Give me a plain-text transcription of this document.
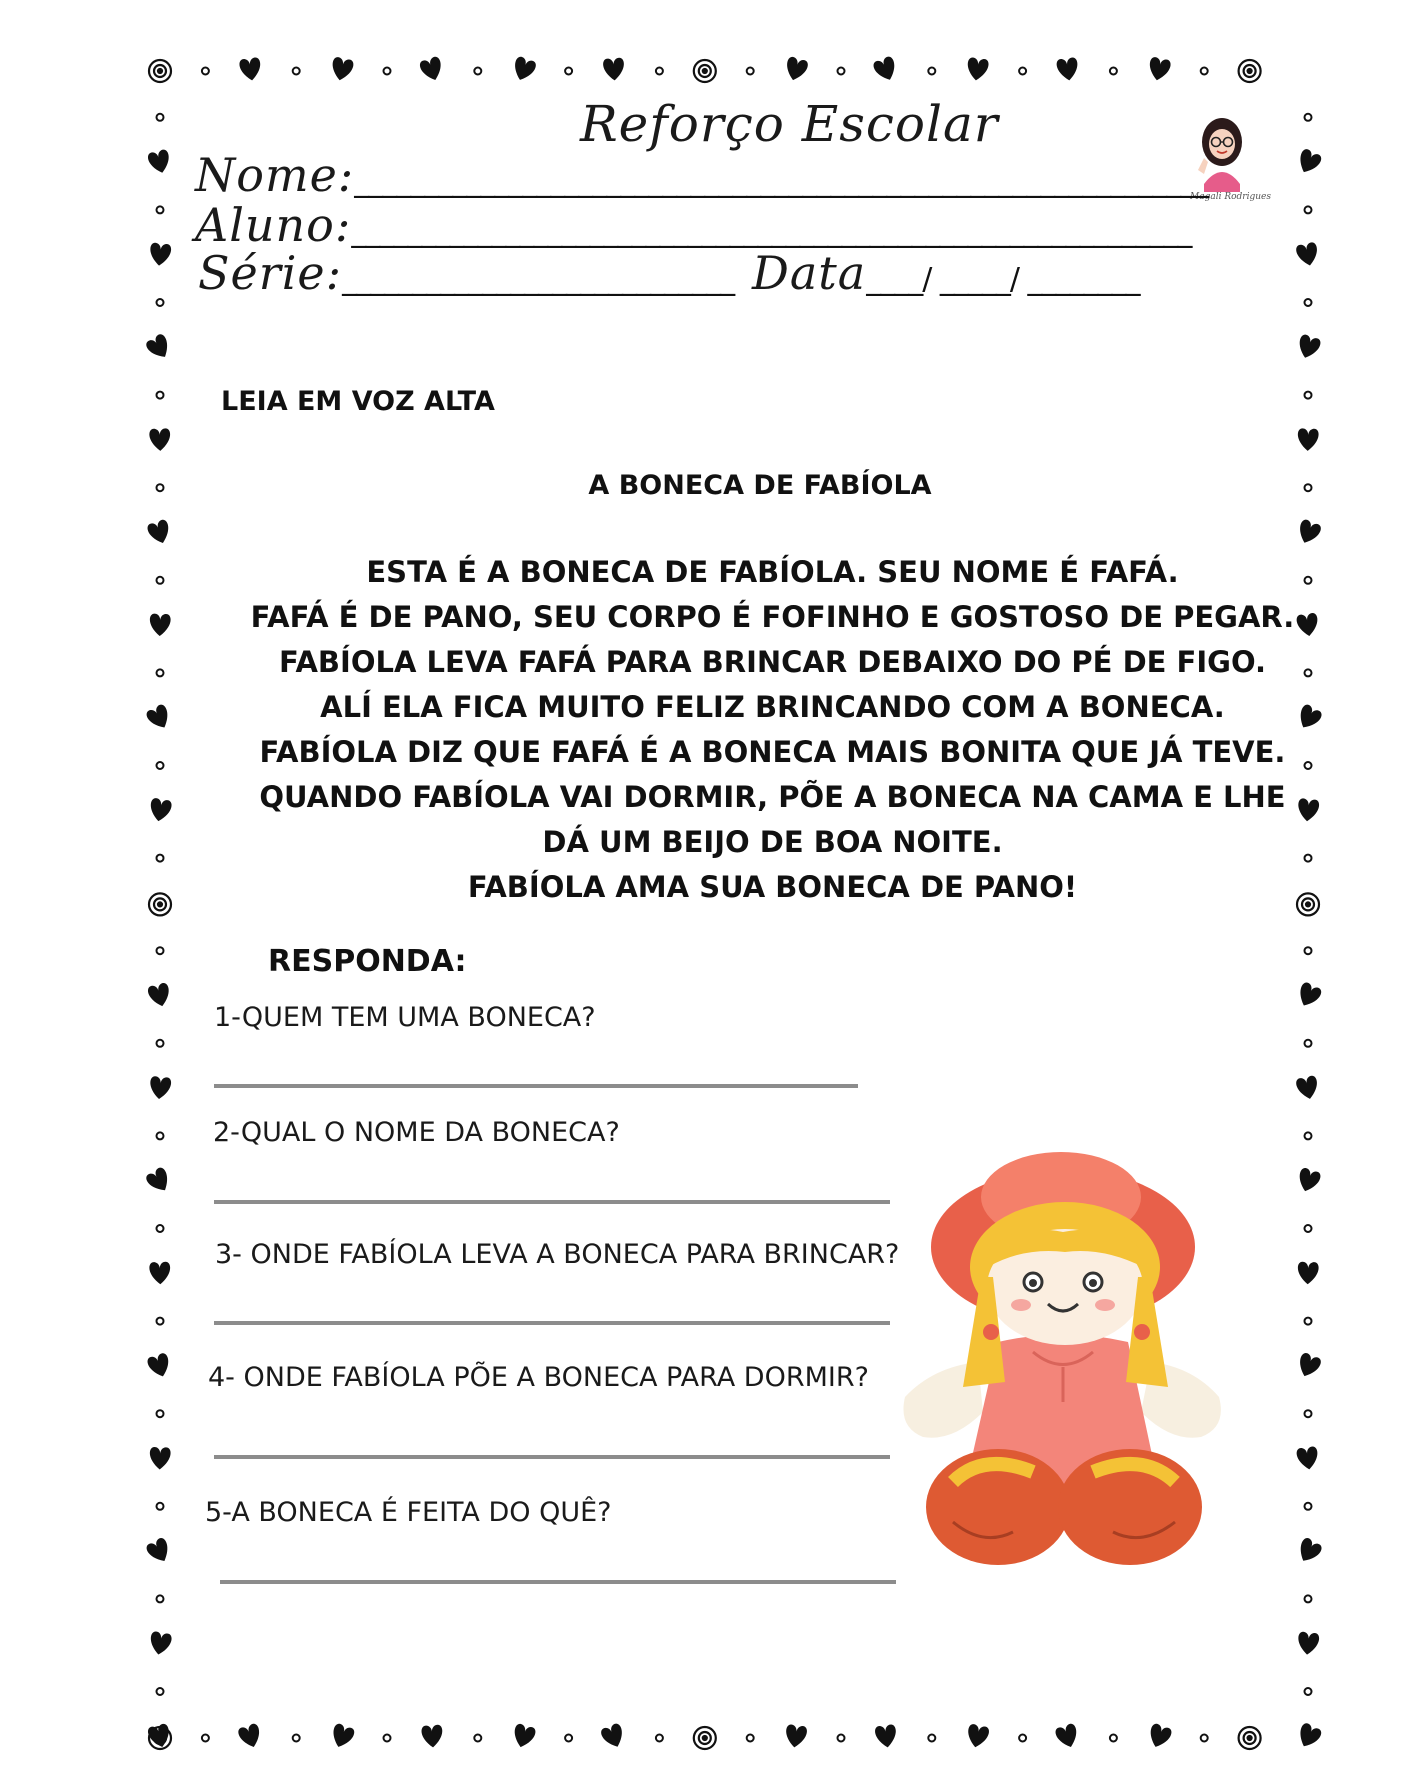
Reforço Escolar
Magali Rodrigues
Nome:_____________________________________________________________
Aluno:____________________________________________________________
Série:____________________________ Data____/ _____/ ________
LEIA EM VOZ ALTA
A BONECA DE FABÍOLA
ESTA É A BONECA DE FABÍOLA. SEU NOME É FAFÁ.
FAFÁ É DE PANO, SEU CORPO É FOFINHO E GOSTOSO DE PEGAR.
FABÍOLA LEVA FAFÁ PARA BRINCAR DEBAIXO DO PÉ DE FIGO.
ALÍ ELA FICA MUITO FELIZ BRINCANDO COM A BONECA.
FABÍOLA DIZ QUE FAFÁ É A BONECA MAIS BONITA QUE JÁ TEVE.
QUANDO FABÍOLA VAI DORMIR, PÕE A BONECA NA CAMA E LHE
DÁ UM BEIJO DE BOA NOITE.
FABÍOLA AMA SUA BONECA DE PANO!
RESPONDA:
1-QUEM TEM UMA BONECA?
2-QUAL O NOME DA BONECA?
3- ONDE FABÍOLA LEVA A BONECA PARA BRINCAR?
4- ONDE FABÍOLA PÕE A BONECA PARA DORMIR?
5-A BONECA É FEITA DO QUÊ?
